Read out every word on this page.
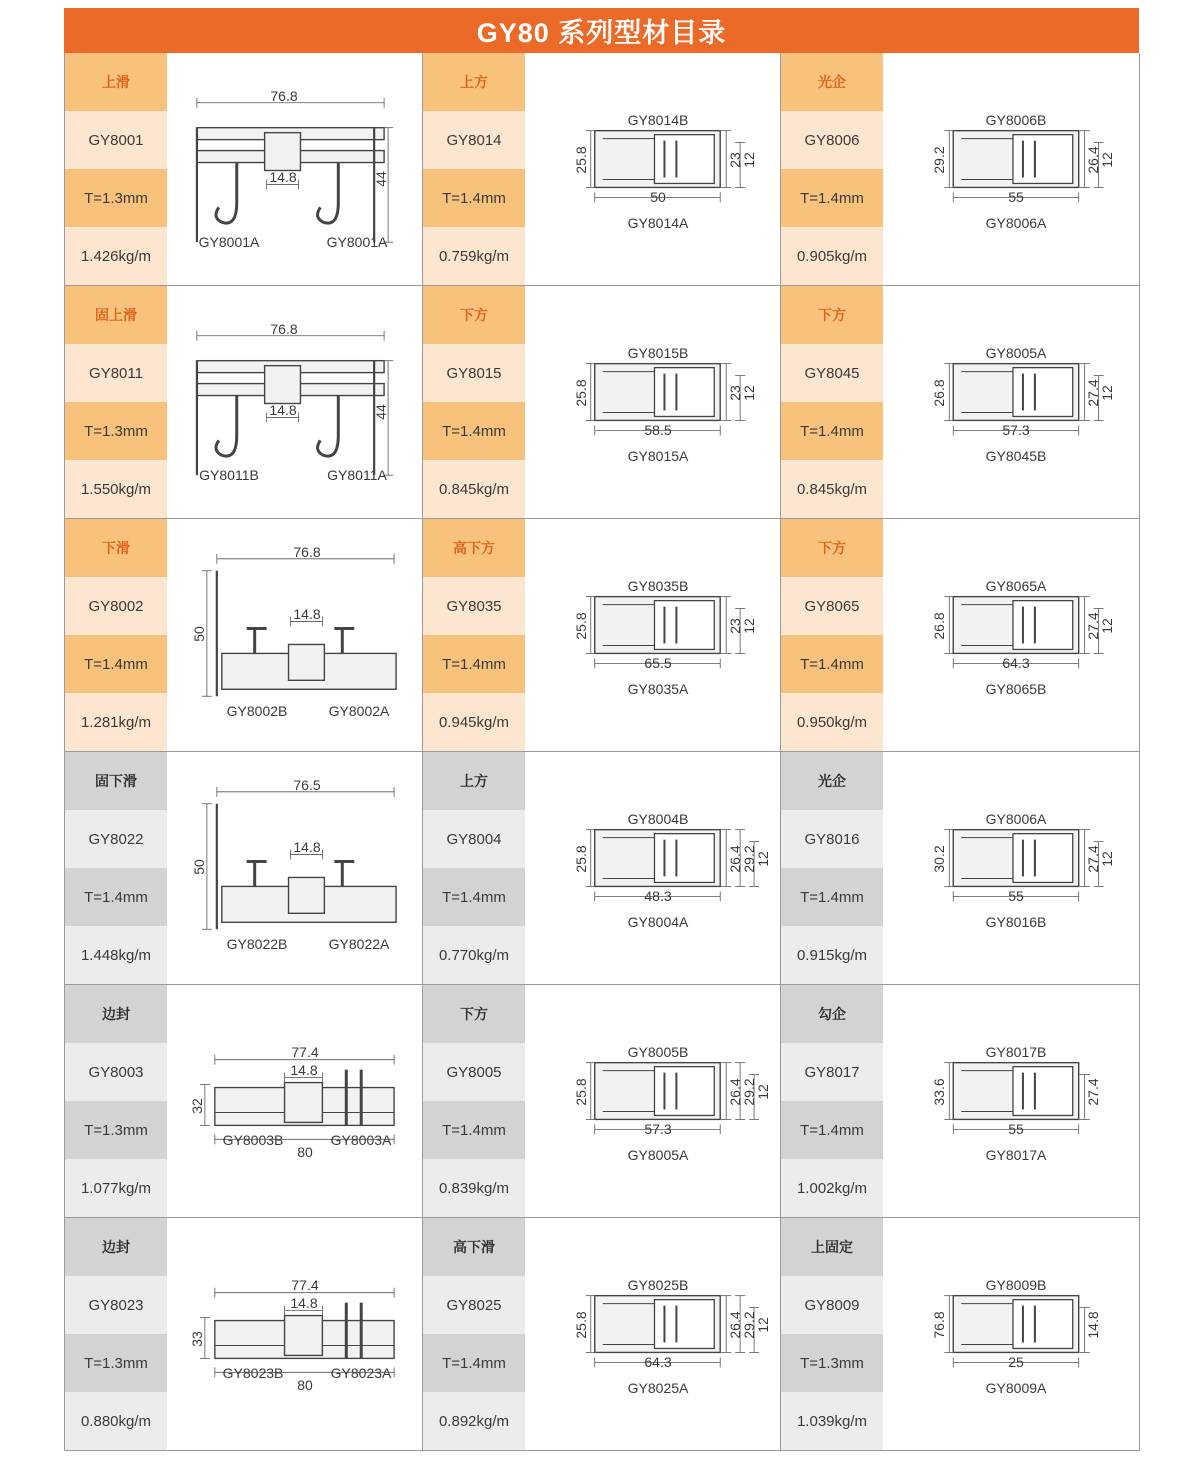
GY80 系列型材目录
上滑
GY8001
T=1.3mm
1.426kg/m
76.8
14.8	44
GY8001A	GY8001A
上方
GY8014
T=1.4mm
0.759kg/m
GY8014B
GY8014A
25.8	23
12
50
光企
GY8006
T=1.4mm
0.905kg/m
GY8006B
GY8006A
29.2	26.4
12
55
固上滑
GY8011
T=1.3mm
1.550kg/m
76.8
14.8	44
GY8011B	GY8011A
下方
GY8015
T=1.4mm
0.845kg/m
GY8015B
GY8015A
25.8	23
12
58.5
下方
GY8045
T=1.4mm
0.845kg/m
GY8005A
GY8045B
26.8	27.4
12
57.3
下滑
GY8002
T=1.4mm
1.281kg/m
76.8
14.8
50
GY8002B	GY8002A
高下方
GY8035
T=1.4mm
0.945kg/m
GY8035B
GY8035A
25.8	23
12
65.5
下方
GY8065
T=1.4mm
0.950kg/m
GY8065A
GY8065B
26.8	27.4
12
64.3
固下滑
GY8022
T=1.4mm
1.448kg/m
76.5
14.8
50
GY8022B	GY8022A
上方
GY8004
T=1.4mm
0.770kg/m
GY8004B
GY8004A
25.8	26.4
29.2
12
48.3
光企
GY8016
T=1.4mm
0.915kg/m
GY8006A
GY8016B
30.2	27.4
12
55
边封
GY8003
T=1.3mm
1.077kg/m
77.4
14.8
32
80
GY8003B	GY8003A
下方
GY8005
T=1.4mm
0.839kg/m
GY8005B
GY8005A
25.8	26.4
29.2
12
57.3
勾企
GY8017
T=1.4mm
1.002kg/m
GY8017B
GY8017A
33.6	27.4
55
边封
GY8023
T=1.3mm
0.880kg/m
77.4
14.8
33
80
GY8023B	GY8023A
高下滑
GY8025
T=1.4mm
0.892kg/m
GY8025B
GY8025A
25.8	26.4
29.2
12
64.3
上固定
GY8009
T=1.3mm
1.039kg/m
GY8009B
GY8009A
76.8	14.8
25
